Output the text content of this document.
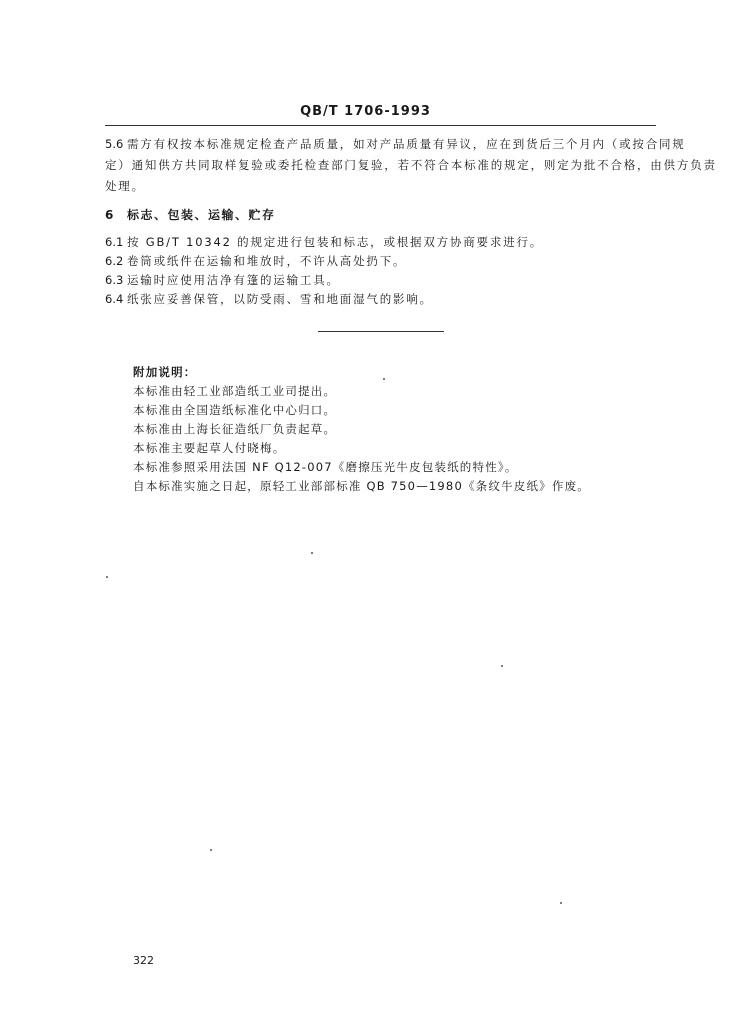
QB/T 1706-1993
5.6 需方有权按本标准规定检查产品质量，如对产品质量有异议，应在到货后三个月内（或按合同规
定）通知供方共同取样复验或委托检查部门复验，若不符合本标准的规定，则定为批不合格，由供方负责
处理。
6 标志、包装、运输、贮存
6.1 按 GB/T 10342 的规定进行包装和标志，或根据双方协商要求进行。
6.2 卷筒或纸件在运输和堆放时，不许从高处扔下。
6.3 运输时应使用洁净有篷的运输工具。
6.4 纸张应妥善保管，以防受雨、雪和地面湿气的影响。
附加说明：
本标准由轻工业部造纸工业司提出。
本标准由全国造纸标准化中心归口。
本标准由上海长征造纸厂负责起草。
本标准主要起草人付晓梅。
本标准参照采用法国 NF Q12-007《磨擦压光牛皮包装纸的特性》。
自本标准实施之日起，原轻工业部部标准 QB 750—1980《条纹牛皮纸》作废。
322
